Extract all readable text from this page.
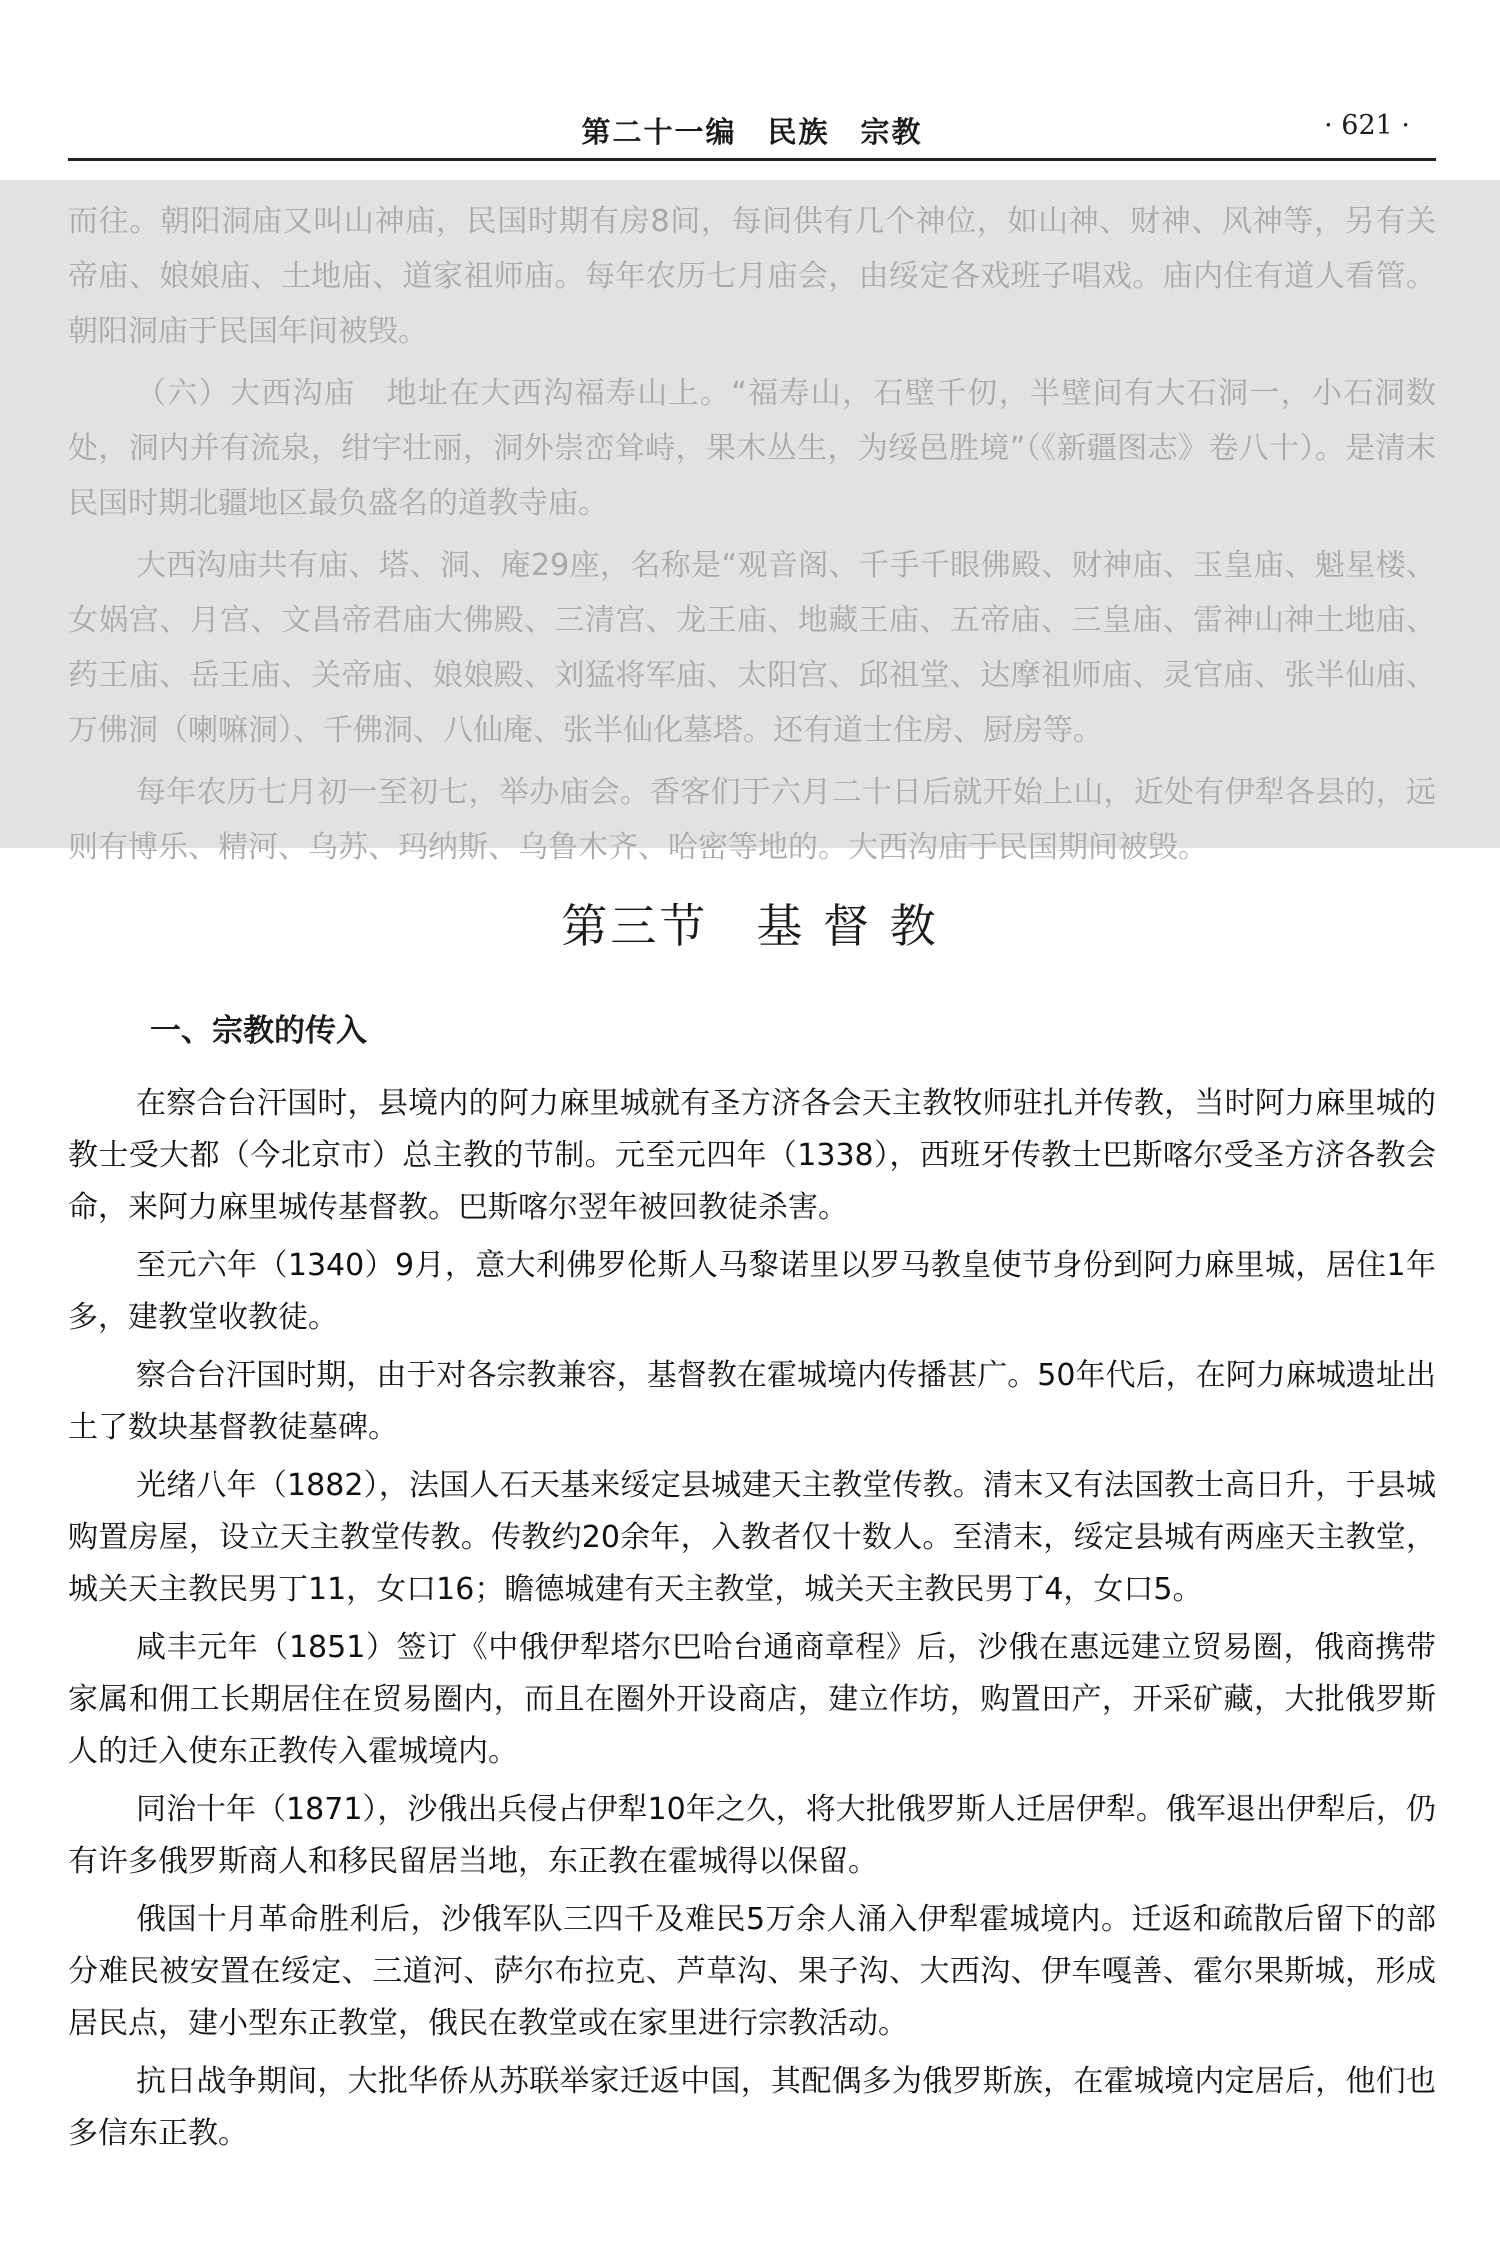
第二十一编　民族　宗教	· 621 ·

而往。朝阳洞庙又叫山神庙，民国时期有房8间，每间供有几个神位，如山神、财神、风神等，另有关帝庙、娘娘庙、土地庙、道家祖师庙。每年农历七月庙会，由绥定各戏班子唱戏。庙内住有道人看管。朝阳洞庙于民国年间被毁。

（六）大西沟庙　地址在大西沟福寿山上。“福寿山，石壁千仞，半壁间有大石洞一，小石洞数处，洞内并有流泉，绀宇壮丽，洞外崇峦耸峙，果木丛生，为绥邑胜境”（《新疆图志》卷八十）。是清末民国时期北疆地区最负盛名的道教寺庙。

大西沟庙共有庙、塔、洞、庵29座，名称是“观音阁、千手千眼佛殿、财神庙、玉皇庙、魁星楼、女娲宫、月宫、文昌帝君庙大佛殿、三清宫、龙王庙、地藏王庙、五帝庙、三皇庙、雷神山神土地庙、药王庙、岳王庙、关帝庙、娘娘殿、刘猛将军庙、太阳宫、邱祖堂、达摩祖师庙、灵官庙、张半仙庙、万佛洞（喇嘛洞）、千佛洞、八仙庵、张半仙化墓塔。还有道士住房、厨房等。

每年农历七月初一至初七，举办庙会。香客们于六月二十日后就开始上山，近处有伊犁各县的，远则有博乐、精河、乌苏、玛纳斯、乌鲁木齐、哈密等地的。大西沟庙于民国期间被毁。

第三节 基 督 教
一、宗教的传入

在察合台汗国时，县境内的阿力麻里城就有圣方济各会天主教牧师驻扎并传教，当时阿力麻里城的教士受大都（今北京市）总主教的节制。元至元四年（1338），西班牙传教士巴斯喀尔受圣方济各教会命，来阿力麻里城传基督教。巴斯喀尔翌年被回教徒杀害。

至元六年（1340）9月，意大利佛罗伦斯人马黎诺里以罗马教皇使节身份到阿力麻里城，居住1年多，建教堂收教徒。

察合台汗国时期，由于对各宗教兼容，基督教在霍城境内传播甚广。50年代后，在阿力麻城遗址出土了数块基督教徒墓碑。

光绪八年（1882），法国人石天基来绥定县城建天主教堂传教。清末又有法国教士高日升，于县城购置房屋，设立天主教堂传教。传教约20余年，入教者仅十数人。至清末，绥定县城有两座天主教堂，城关天主教民男丁11，女口16；瞻德城建有天主教堂，城关天主教民男丁4，女口5。

咸丰元年（1851）签订《中俄伊犁塔尔巴哈台通商章程》后，沙俄在惠远建立贸易圈，俄商携带家属和佣工长期居住在贸易圈内，而且在圈外开设商店，建立作坊，购置田产，开采矿藏，大批俄罗斯人的迁入使东正教传入霍城境内。

同治十年（1871），沙俄出兵侵占伊犁10年之久，将大批俄罗斯人迁居伊犁。俄军退出伊犁后，仍有许多俄罗斯商人和移民留居当地，东正教在霍城得以保留。

俄国十月革命胜利后，沙俄军队三四千及难民5万余人涌入伊犁霍城境内。迁返和疏散后留下的部分难民被安置在绥定、三道河、萨尔布拉克、芦草沟、果子沟、大西沟、伊车嘎善、霍尔果斯城，形成居民点，建小型东正教堂，俄民在教堂或在家里进行宗教活动。

抗日战争期间，大批华侨从苏联举家迁返中国，其配偶多为俄罗斯族，在霍城境内定居后，他们也多信东正教。
